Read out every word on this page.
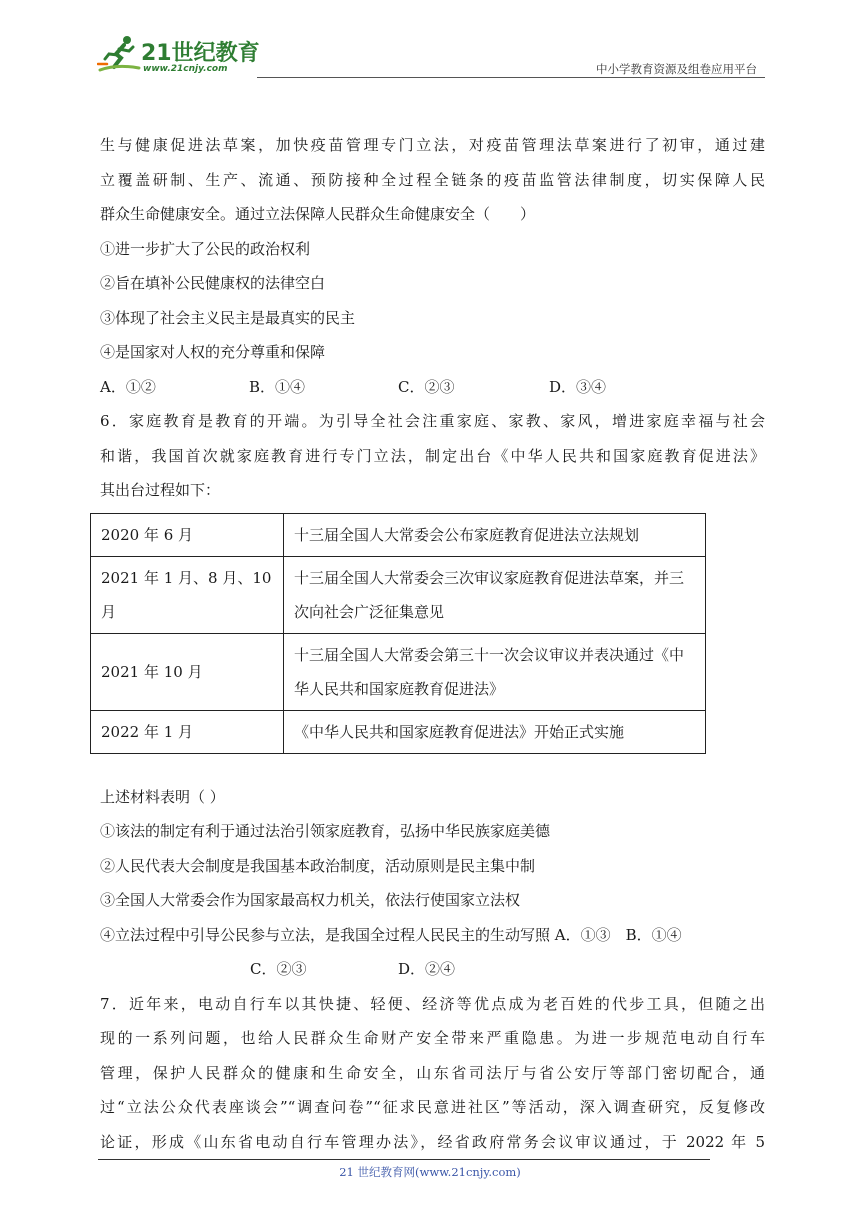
21世纪教育
www.21cnjy.com	中小学教育资源及组卷应用平台

生与健康促进法草案，加快疫苗管理专门立法，对疫苗管理法草案进行了初审，通过建

立覆盖研制、生产、流通、预防接种全过程全链条的疫苗监管法律制度，切实保障人民

群众生命健康安全。通过立法保障人民群众生命健康安全（　　）

①进一步扩大了公民的政治权利

②旨在填补公民健康权的法律空白

③体现了社会主义民主是最真实的民主

④是国家对人权的充分尊重和保障

A．①②	B．①④	C．②③	D．③④

6．家庭教育是教育的开端。为引导全社会注重家庭、家教、家风，增进家庭幸福与社会

和谐，我国首次就家庭教育进行专门立法，制定出台《中华人民共和国家庭教育促进法》

其出台过程如下：

2020 年 6 月	十三届全国人大常委会公布家庭教育促进法立法规划
2021 年 1 月、8 月、10 月	十三届全国人大常委会三次审议家庭教育促进法草案，并三次向社会广泛征集意见
2021 年 10 月	十三届全国人大常委会第三十一次会议审议并表决通过《中华人民共和国家庭教育促进法》
2022 年 1 月	《中华人民共和国家庭教育促进法》开始正式实施

上述材料表明（ ）

①该法的制定有利于通过法治引领家庭教育，弘扬中华民族家庭美德

②人民代表大会制度是我国基本政治制度，活动原则是民主集中制

③全国人大常委会作为国家最高权力机关，依法行使国家立法权

④立法过程中引导公民参与立法，是我国全过程人民民主的生动写照 A．①③　B．①④

C．②③	D．②④

7．近年来，电动自行车以其快捷、轻便、经济等优点成为老百姓的代步工具，但随之出

现的一系列问题，也给人民群众生命财产安全带来严重隐患。为进一步规范电动自行车

管理，保护人民群众的健康和生命安全，山东省司法厅与省公安厅等部门密切配合，通

过“立法公众代表座谈会”“调查问卷”“征求民意进社区”等活动，深入调查研究，反复修改

论证，形成《山东省电动自行车管理办法》，经省政府常务会议审议通过，于 2022 年 5

21 世纪教育网(www.21cnjy.com)
